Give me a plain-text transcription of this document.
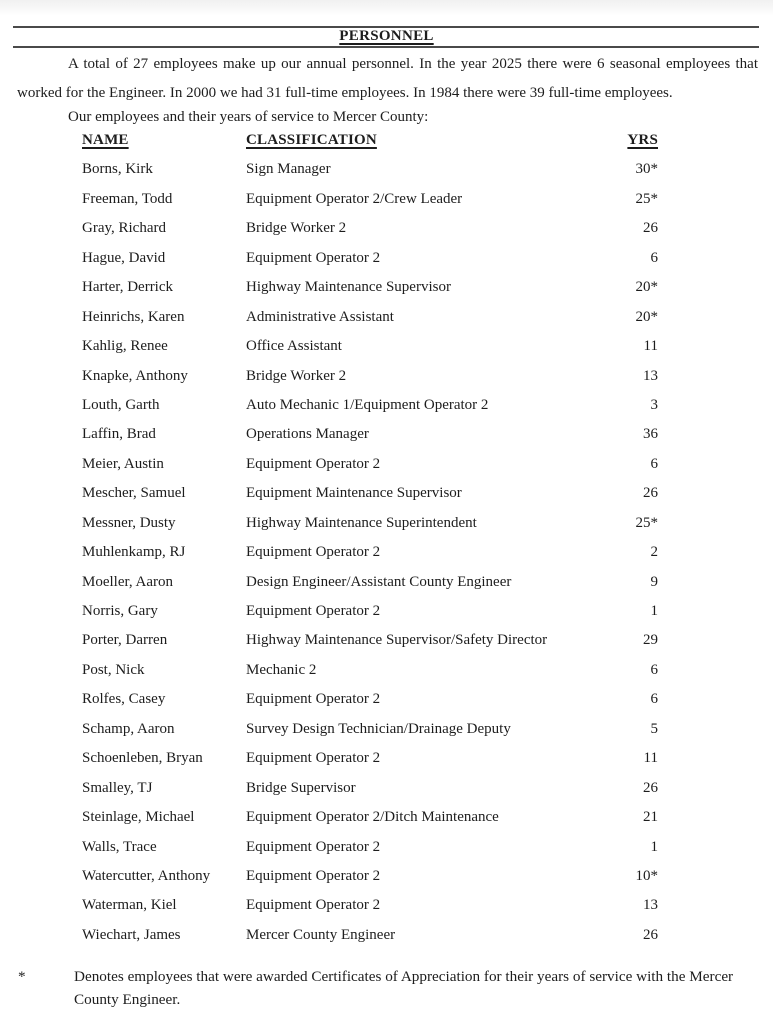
PERSONNEL

A total of 27 employees make up our annual personnel. In the year 2025 there were 6 seasonal employees that worked for the Engineer. In 2000 we had 31 full-time employees. In 1984 there were 39 full-time employees.

Our employees and their years of service to Mercer County:

NAME	CLASSIFICATION	YRS
Borns, Kirk	Sign Manager	30*
Freeman, Todd	Equipment Operator 2/Crew Leader	25*
Gray, Richard	Bridge Worker 2	26
Hague, David	Equipment Operator 2	6
Harter, Derrick	Highway Maintenance Supervisor	20*
Heinrichs, Karen	Administrative Assistant	20*
Kahlig, Renee	Office Assistant	11
Knapke, Anthony	Bridge Worker 2	13
Louth, Garth	Auto Mechanic 1/Equipment Operator 2	3
Laffin, Brad	Operations Manager	36
Meier, Austin	Equipment Operator 2	6
Mescher, Samuel	Equipment Maintenance Supervisor	26
Messner, Dusty	Highway Maintenance Superintendent	25*
Muhlenkamp, RJ	Equipment Operator 2	2
Moeller, Aaron	Design Engineer/Assistant County Engineer	9
Norris, Gary	Equipment Operator 2	1
Porter, Darren	Highway Maintenance Supervisor/Safety Director	29
Post, Nick	Mechanic 2	6
Rolfes, Casey	Equipment Operator 2	6
Schamp, Aaron	Survey Design Technician/Drainage Deputy	5
Schoenleben, Bryan	Equipment Operator 2	11
Smalley, TJ	Bridge Supervisor	26
Steinlage, Michael	Equipment Operator 2/Ditch Maintenance	21
Walls, Trace	Equipment Operator 2	1
Watercutter, Anthony	Equipment Operator 2	10*
Waterman, Kiel	Equipment Operator 2	13
Wiechart, James	Mercer County Engineer	26
*	Denotes employees that were awarded Certificates of Appreciation for their years of service with the Mercer County Engineer.
